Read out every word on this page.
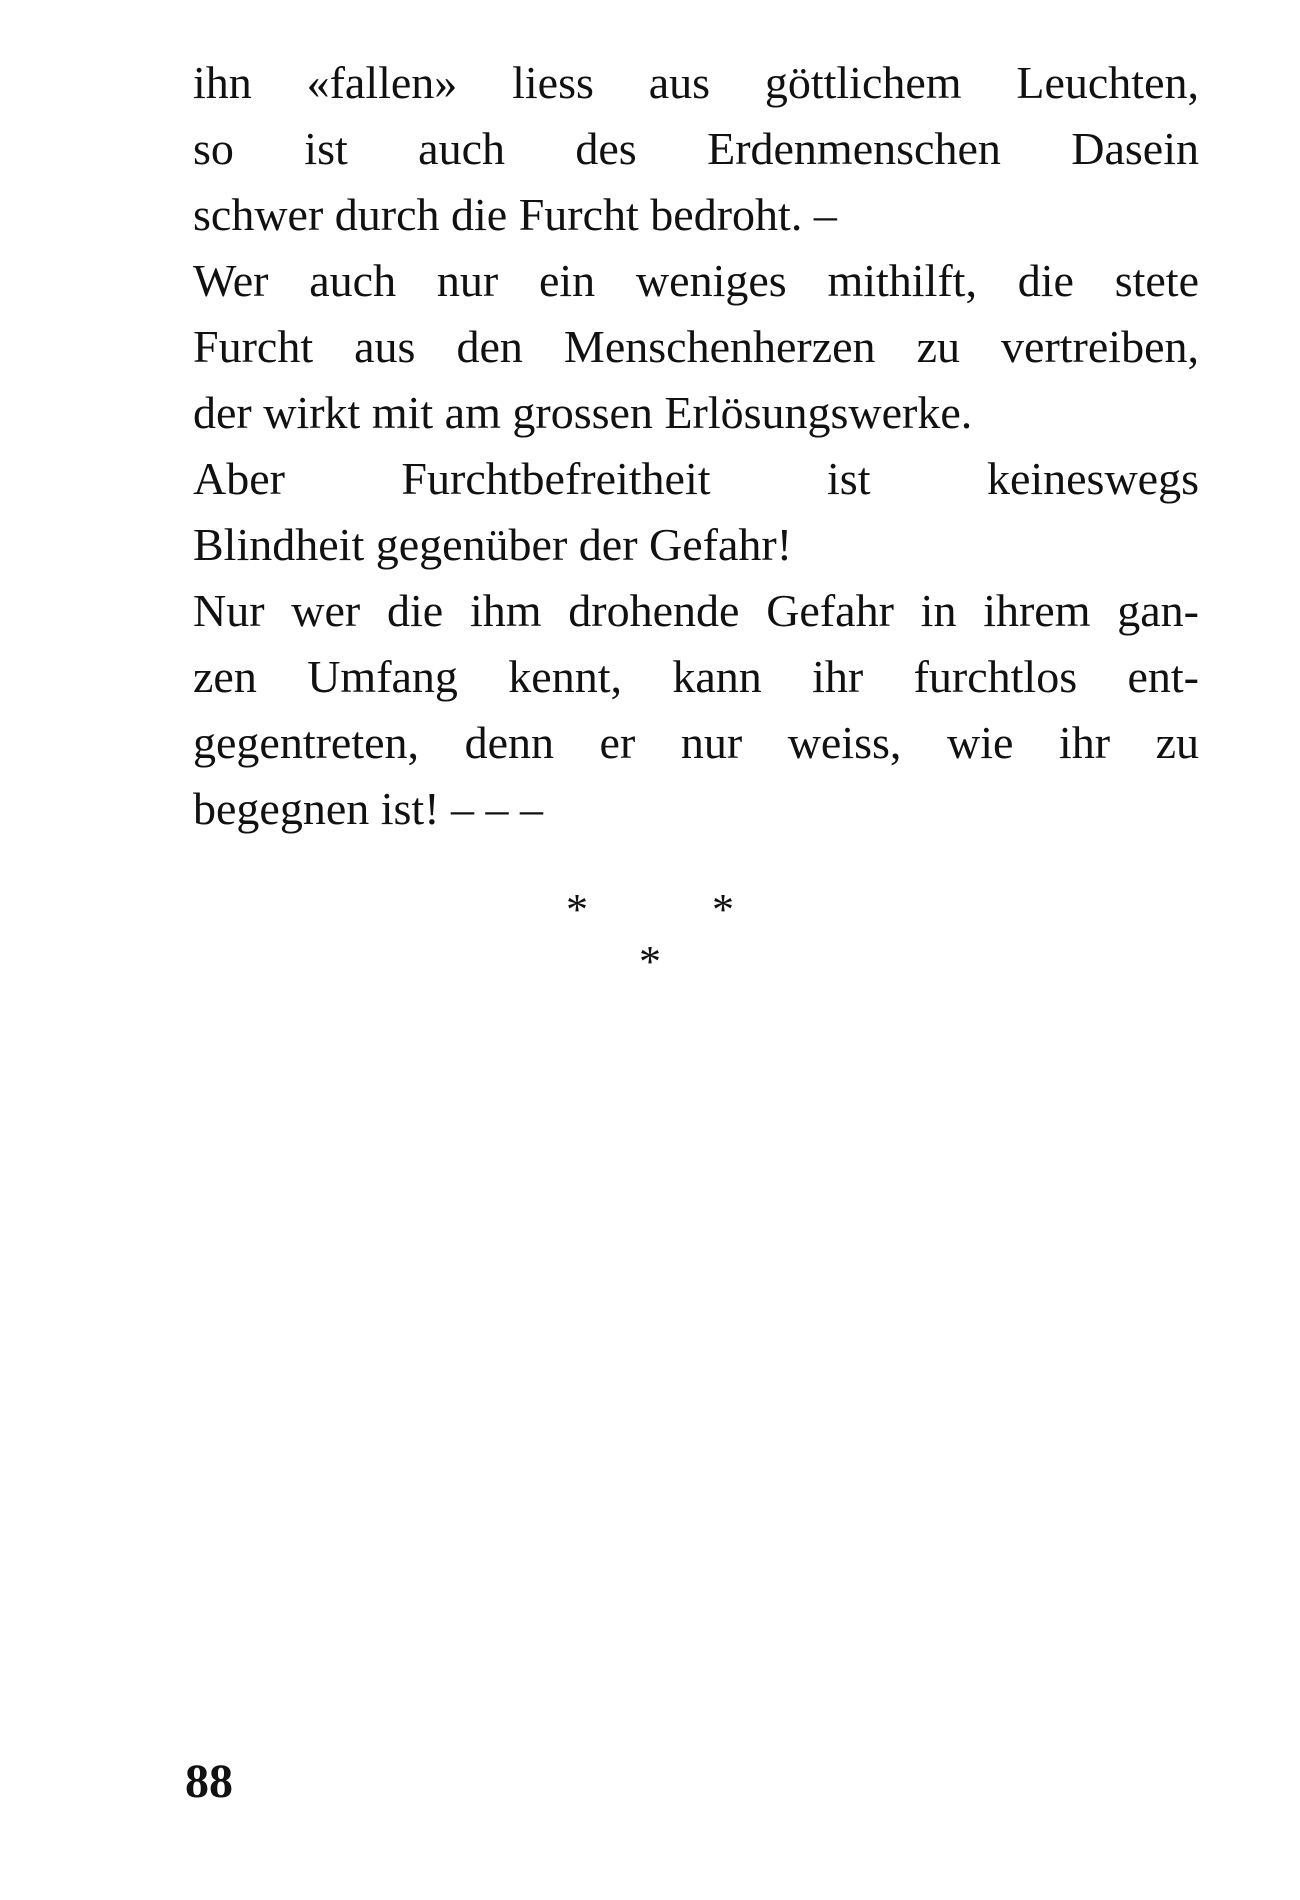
ihn «fallen» liess aus göttlichem Leuchten,
so ist auch des Erdenmenschen Dasein
schwer durch die Furcht bedroht. –
Wer auch nur ein weniges mithilft, die stete
Furcht aus den Menschenherzen zu vertreiben,
der wirkt mit am grossen Erlösungswerke.
Aber Furchtbefreitheit ist keineswegs
Blindheit gegenüber der Gefahr!
Nur wer die ihm drohende Gefahr in ihrem gan-
zen Umfang kennt, kann ihr furchtlos ent-
gegentreten, denn er nur weiss, wie ihr zu
begegnen ist! – – –
*	*
*
88
